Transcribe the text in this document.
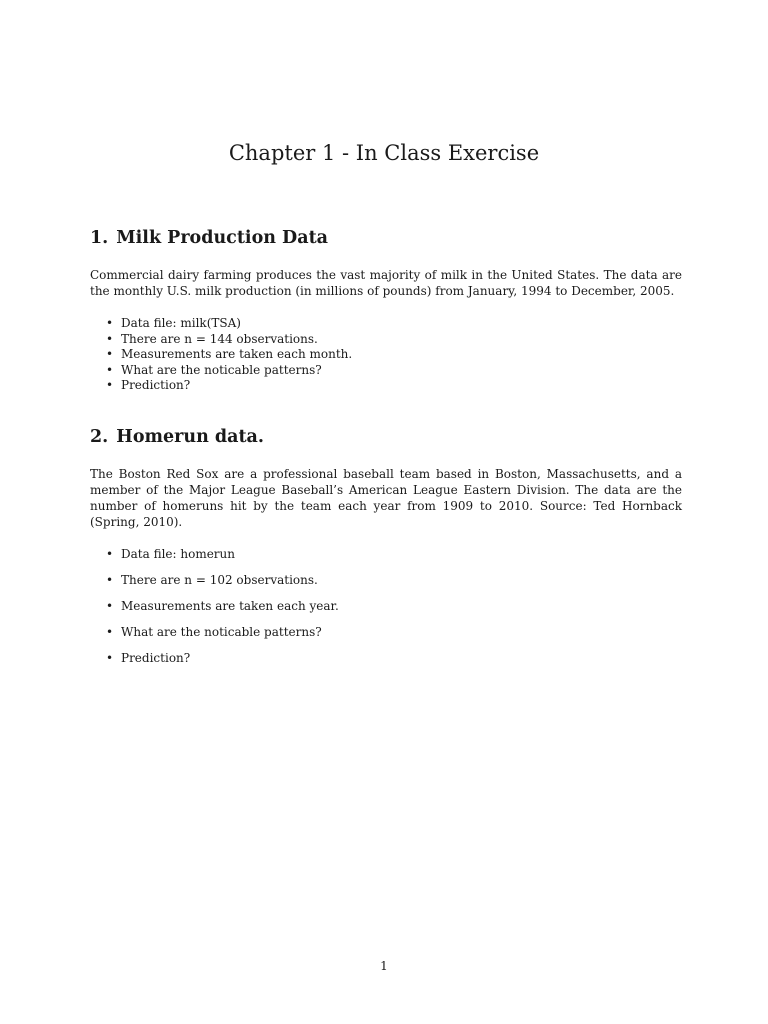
Chapter 1 - In Class Exercise
1. Milk Production Data

Commercial dairy farming produces the vast majority of milk in the United States. The data are the monthly U.S. milk production (in millions of pounds) from January, 1994 to December, 2005.

• Data file: milk(TSA)
• There are n = 144 observations.
• Measurements are taken each month.
• What are the noticable patterns?
• Prediction?
2. Homerun data.

The Boston Red Sox are a professional baseball team based in Boston, Massachusetts, and a member of the Major League Baseball’s American League Eastern Division. The data are the number of homeruns hit by the team each year from 1909 to 2010. Source: Ted Hornback (Spring, 2010).

• Data file: homerun
• There are n = 102 observations.
• Measurements are taken each year.
• What are the noticable patterns?
• Prediction?
1
